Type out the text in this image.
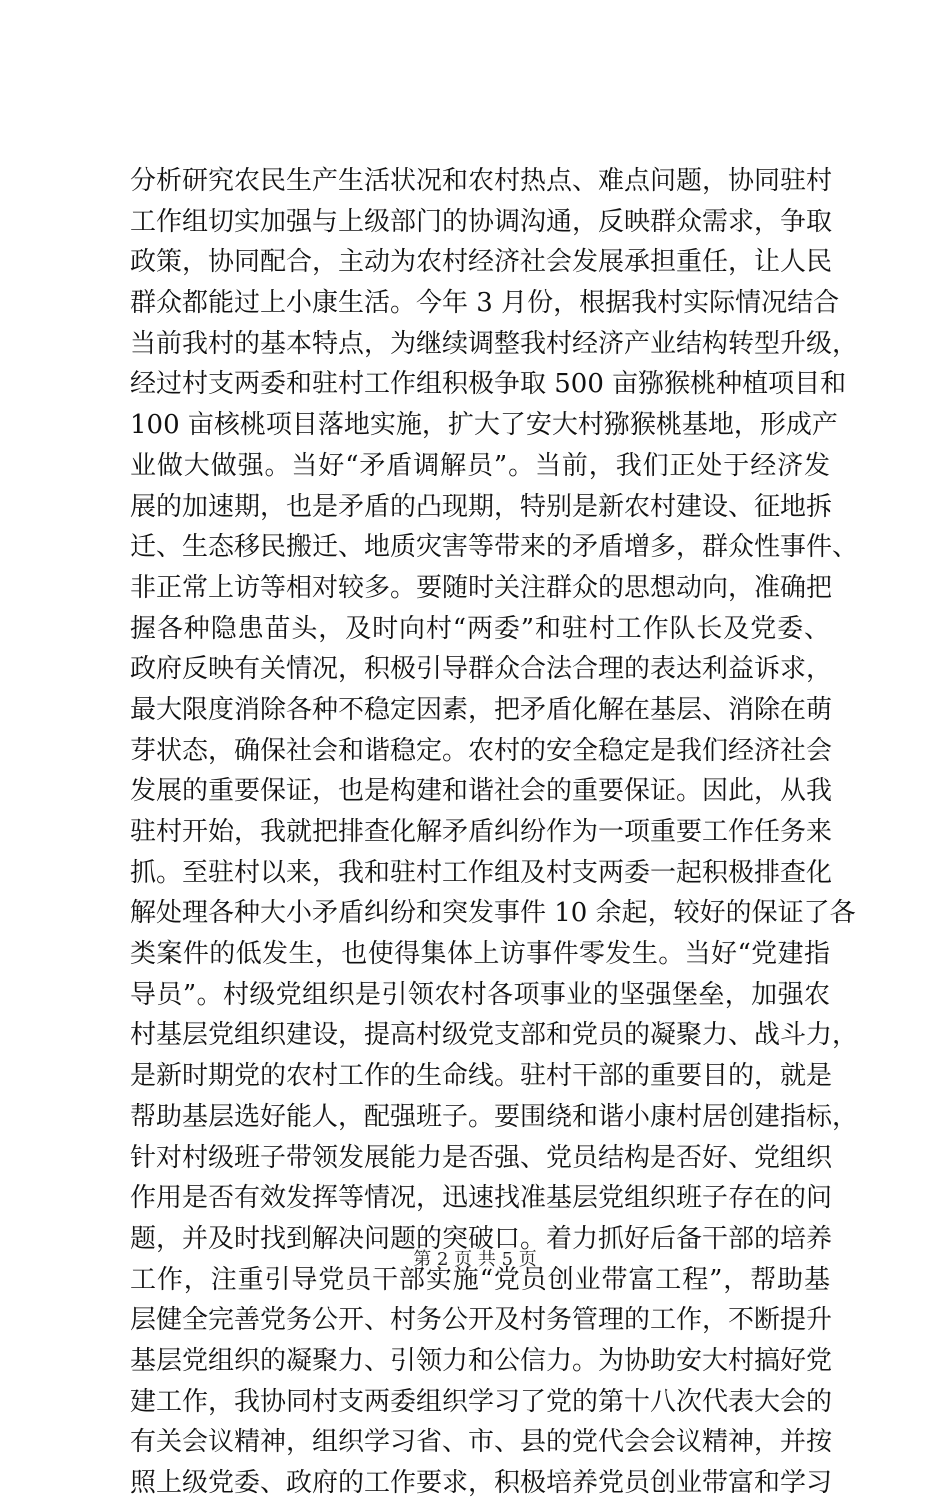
分析研究农民生产生活状况和农村热点、难点问题，协同驻村
工作组切实加强与上级部门的协调沟通，反映群众需求，争取
政策，协同配合，主动为农村经济社会发展承担重任，让人民
群众都能过上小康生活。今年 3 月份，根据我村实际情况结合
当前我村的基本特点，为继续调整我村经济产业结构转型升级，
经过村支两委和驻村工作组积极争取 500 亩猕猴桃种植项目和
100 亩核桃项目落地实施，扩大了安大村猕猴桃基地，形成产
业做大做强。当好“矛盾调解员”。当前，我们正处于经济发
展的加速期，也是矛盾的凸现期，特别是新农村建设、征地拆
迁、生态移民搬迁、地质灾害等带来的矛盾增多，群众性事件、
非正常上访等相对较多。要随时关注群众的思想动向，准确把
握各种隐患苗头，及时向村“两委”和驻村工作队长及党委、
政府反映有关情况，积极引导群众合法合理的表达利益诉求，
最大限度消除各种不稳定因素，把矛盾化解在基层、消除在萌
芽状态，确保社会和谐稳定。农村的安全稳定是我们经济社会
发展的重要保证，也是构建和谐社会的重要保证。因此，从我
驻村开始，我就把排查化解矛盾纠纷作为一项重要工作任务来
抓。至驻村以来，我和驻村工作组及村支两委一起积极排查化
解处理各种大小矛盾纠纷和突发事件 10 余起，较好的保证了各
类案件的低发生，也使得集体上访事件零发生。当好“党建指
导员”。村级党组织是引领农村各项事业的坚强堡垒，加强农
村基层党组织建设，提高村级党支部和党员的凝聚力、战斗力，
是新时期党的农村工作的生命线。驻村干部的重要目的，就是
帮助基层选好能人，配强班子。要围绕和谐小康村居创建指标，
针对村级班子带领发展能力是否强、党员结构是否好、党组织
作用是否有效发挥等情况，迅速找准基层党组织班子存在的问
题，并及时找到解决问题的突破口。着力抓好后备干部的培养
工作，注重引导党员干部实施“党员创业带富工程”，帮助基
层健全完善党务公开、村务公开及村务管理的工作，不断提升
基层党组织的凝聚力、引领力和公信力。为协助安大村搞好党
建工作，我协同村支两委组织学习了党的第十八次代表大会的
有关会议精神，组织学习省、市、县的党代会会议精神，并按
照上级党委、政府的工作要求，积极培养党员创业带富和学习
第 2 页 共 5 页
